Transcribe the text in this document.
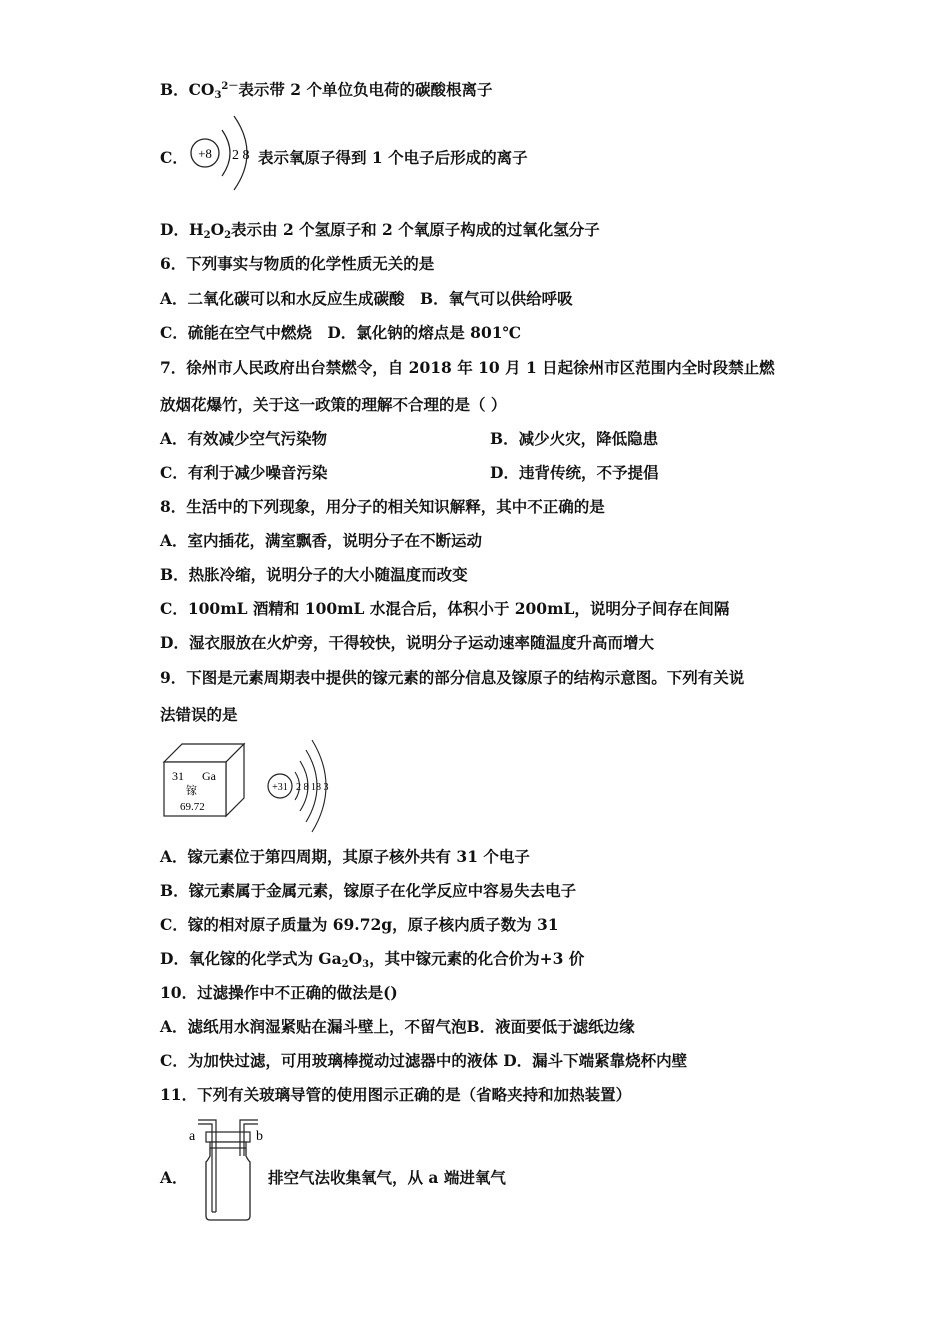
B．$CO_3^{2-}$表示带 2 个单位负电荷的碳酸根离子
C． +8 2 8 表示氧原子得到 1 个电子后形成的离子
D．$H_2O_2$表示由 2 个氢原子和 2 个氧原子构成的过氧化氢分子
6．下列事实与物质的化学性质无关的是
A．二氧化碳可以和水反应生成碳酸　B．氧气可以供给呼吸
C．硫能在空气中燃烧　D．氯化钠的熔点是 801℃
7．徐州市人民政府出台禁燃令，自 2018 年 10 月 1 日起徐州市区范围内全时段禁止燃
放烟花爆竹，关于这一政策的理解不合理的是（ ）
A．有效减少空气污染物	B．减少火灾，降低隐患
C．有利于减少噪音污染	D．违背传统，不予提倡
8．生活中的下列现象，用分子的相关知识解释，其中不正确的是
A．室内插花，满室飘香，说明分子在不断运动
B．热胀冷缩，说明分子的大小随温度而改变
C．100mL 酒精和 100mL 水混合后，体积小于 200mL，说明分子间存在间隔
D．湿衣服放在火炉旁，干得较快，说明分子运动速率随温度升高而增大
9．下图是元素周期表中提供的镓元素的部分信息及镓原子的结构示意图。下列有关说
法错误的是
31 Ga
镓
69.72
+31 2 8 18 3
A．镓元素位于第四周期，其原子核外共有 31 个电子
B．镓元素属于金属元素，镓原子在化学反应中容易失去电子
C．镓的相对原子质量为 69.72g，原子核内质子数为 31
D．氧化镓的化学式为 $Ga_2O_3$，其中镓元素的化合价为+3 价
10．过滤操作中不正确的做法是()
A．滤纸用水润湿紧贴在漏斗壁上，不留气泡B．液面要低于滤纸边缘
C．为加快过滤，可用玻璃棒搅动过滤器中的液体 D．漏斗下端紧靠烧杯内壁
11．下列有关玻璃导管的使用图示正确的是（省略夹持和加热装置）
A．
a	b
排空气法收集氧气，从 a 端进氧气
